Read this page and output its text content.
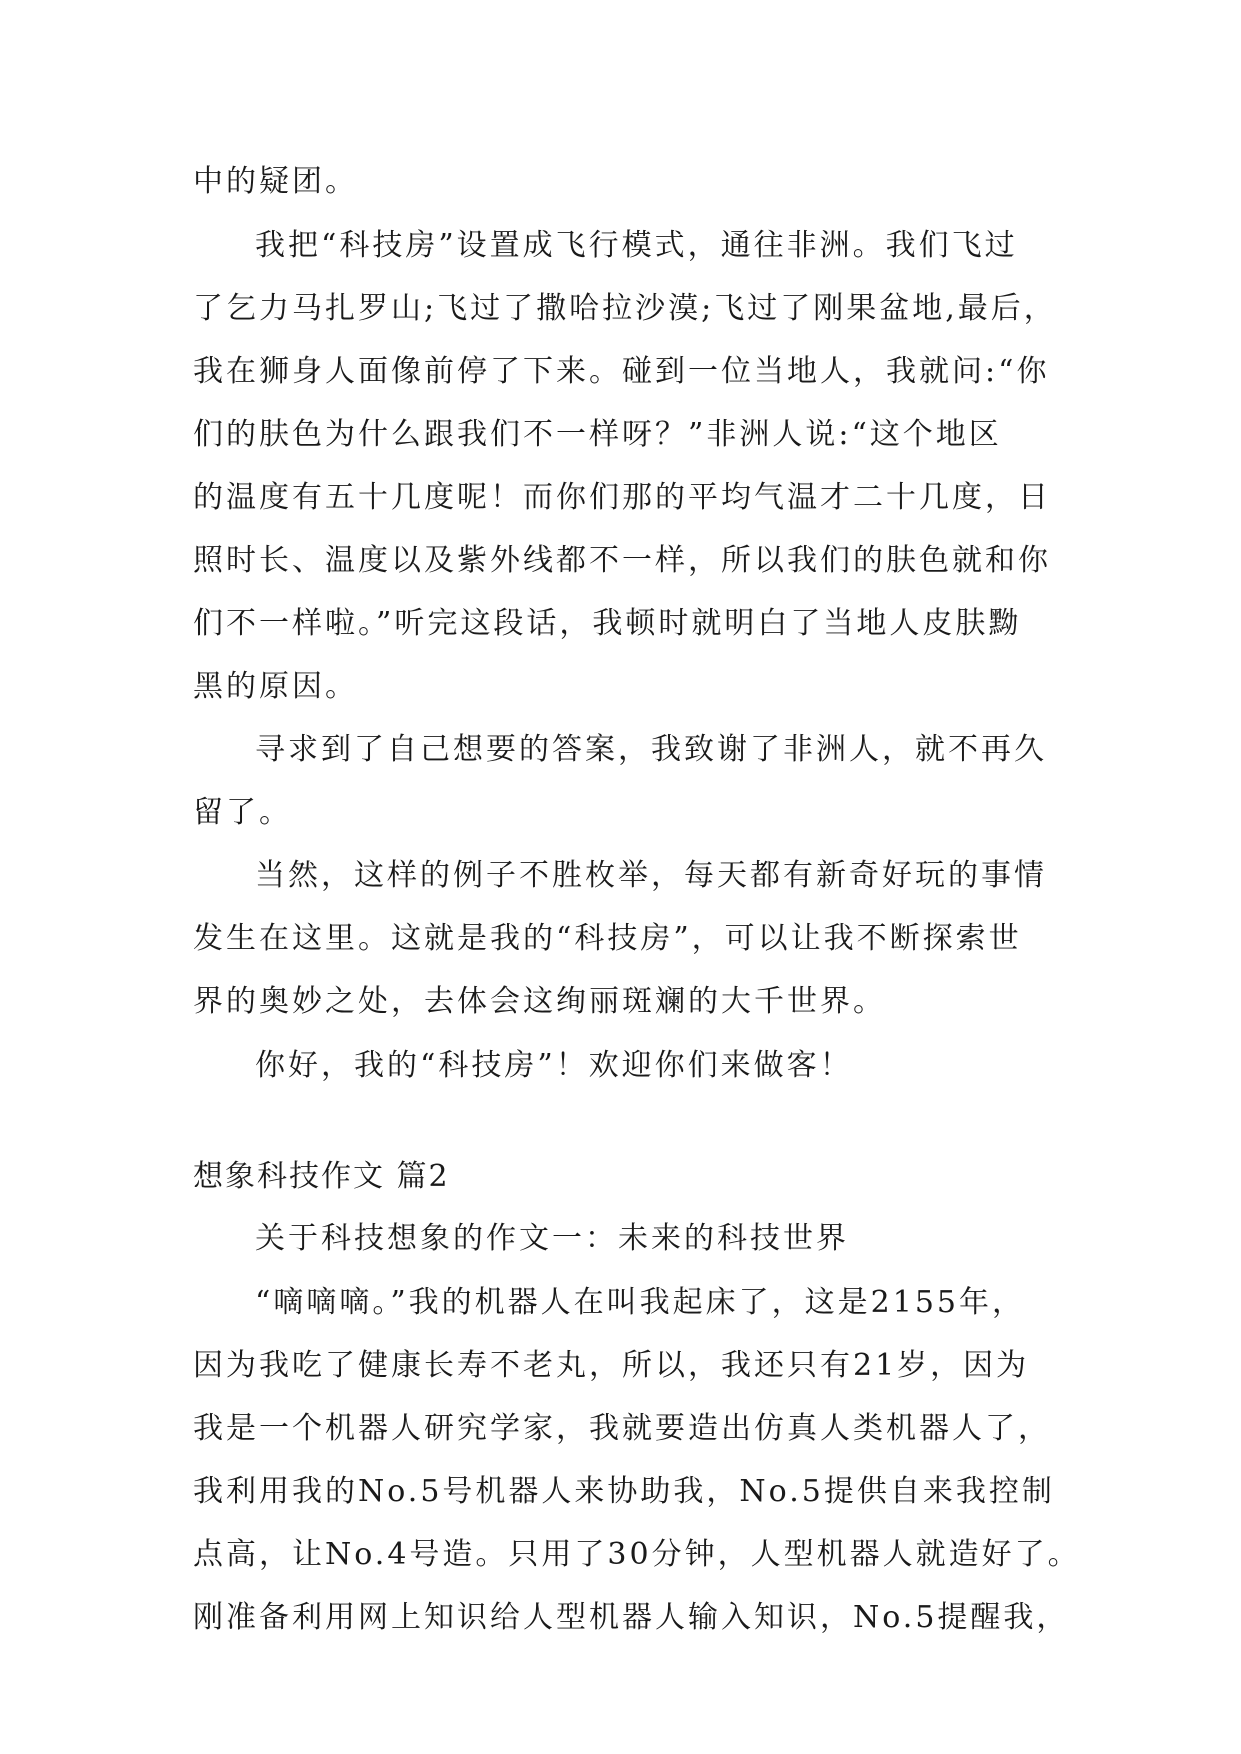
中的疑团。
我把“科技房”设置成飞行模式，通往非洲。我们飞过
了乞力马扎罗山;飞过了撒哈拉沙漠;飞过了刚果盆地,最后，
我在狮身人面像前停了下来。碰到一位当地人，我就问:“你
们的肤色为什么跟我们不一样呀？”非洲人说:“这个地区
的温度有五十几度呢！而你们那的平均气温才二十几度，日
照时长、温度以及紫外线都不一样，所以我们的肤色就和你
们不一样啦。”听完这段话，我顿时就明白了当地人皮肤黝
黑的原因。
寻求到了自己想要的答案，我致谢了非洲人，就不再久
留了。
当然，这样的例子不胜枚举，每天都有新奇好玩的事情
发生在这里。这就是我的“科技房”，可以让我不断探索世
界的奥妙之处，去体会这绚丽斑斓的大千世界。
你好，我的“科技房”！欢迎你们来做客！
想象科技作文 篇2
关于科技想象的作文一：未来的科技世界
“嘀嘀嘀。”我的机器人在叫我起床了，这是2155年，
因为我吃了健康长寿不老丸，所以，我还只有21岁，因为
我是一个机器人研究学家，我就要造出仿真人类机器人了，
我利用我的No.5号机器人来协助我，No.5提供自来我控制
点高，让No.4号造。只用了30分钟，人型机器人就造好了。
刚准备利用网上知识给人型机器人输入知识，No.5提醒我，
